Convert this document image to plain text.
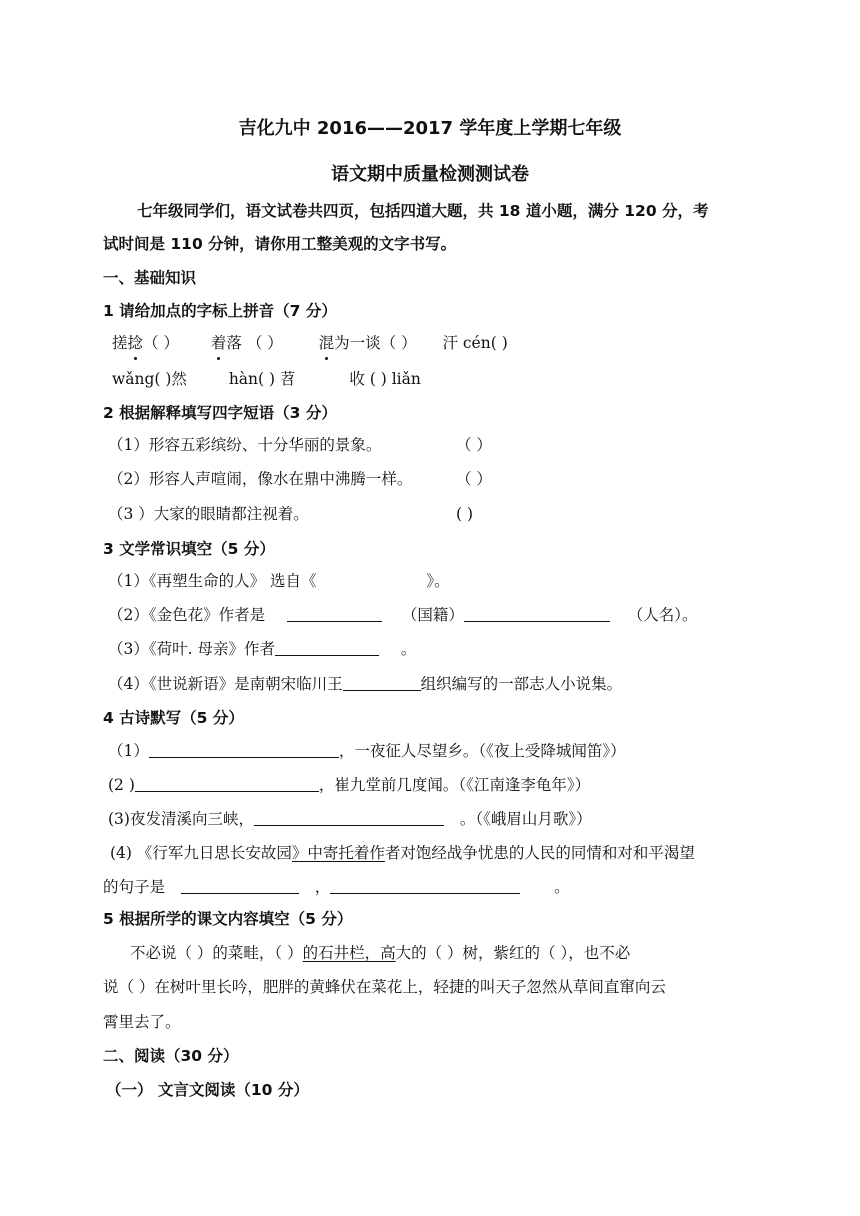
吉化九中 2016——2017 学年度上学期七年级
语文期中质量检测测试卷
七年级同学们，语文试卷共四页，包括四道大题，共 18 道小题，满分 120 分，考
试时间是 110 分钟，请你用工整美观的文字书写。
一、基础知识
1 请给加点的字标上拼音（7 分）
搓捻（ ） 着落 （ ） 混为一谈（ ） 汗 cén( )
wǎng( )然	hàn( ) 苕	收 ( ) liǎn
2 根据解释填写四字短语（3 分）
（1）形容五彩缤纷、十分华丽的景象。	（ ）
（2）形容人声喧闹，像水在鼎中沸腾一样。	（ ）
（3 ）大家的眼睛都注视着。	( )
3 文学常识填空（5 分）
（1）《再塑生命的人》 选自《	》。
（2）《金色花》作者是	（国籍）	（人名）。
（3）《荷叶. 母亲》作者	。
（4）《世说新语》是南朝宋临川王	组织编写的一部志人小说集。
4 古诗默写（5 分）
（1）	，一夜征人尽望乡。（《夜上受降城闻笛》）
(2 )	，崔九堂前几度闻。（《江南逢李龟年》）
(3)夜发清溪向三峡，	。（《峨眉山月歌》）
(4) 《行军九日思长安故园》中寄托着作者对饱经战争忧患的人民的同情和对和平渴望
的句子是	，	。
5 根据所学的课文内容填空（5 分）
不必说（ ）的菜畦，（ ）的石井栏，高大的（ ）树，紫红的（ ），也不必
说（ ）在树叶里长吟，肥胖的黄蜂伏在菜花上，轻捷的叫天子忽然从草间直窜向云
霄里去了。
二、阅读（30 分）
（一） 文言文阅读（10 分）
